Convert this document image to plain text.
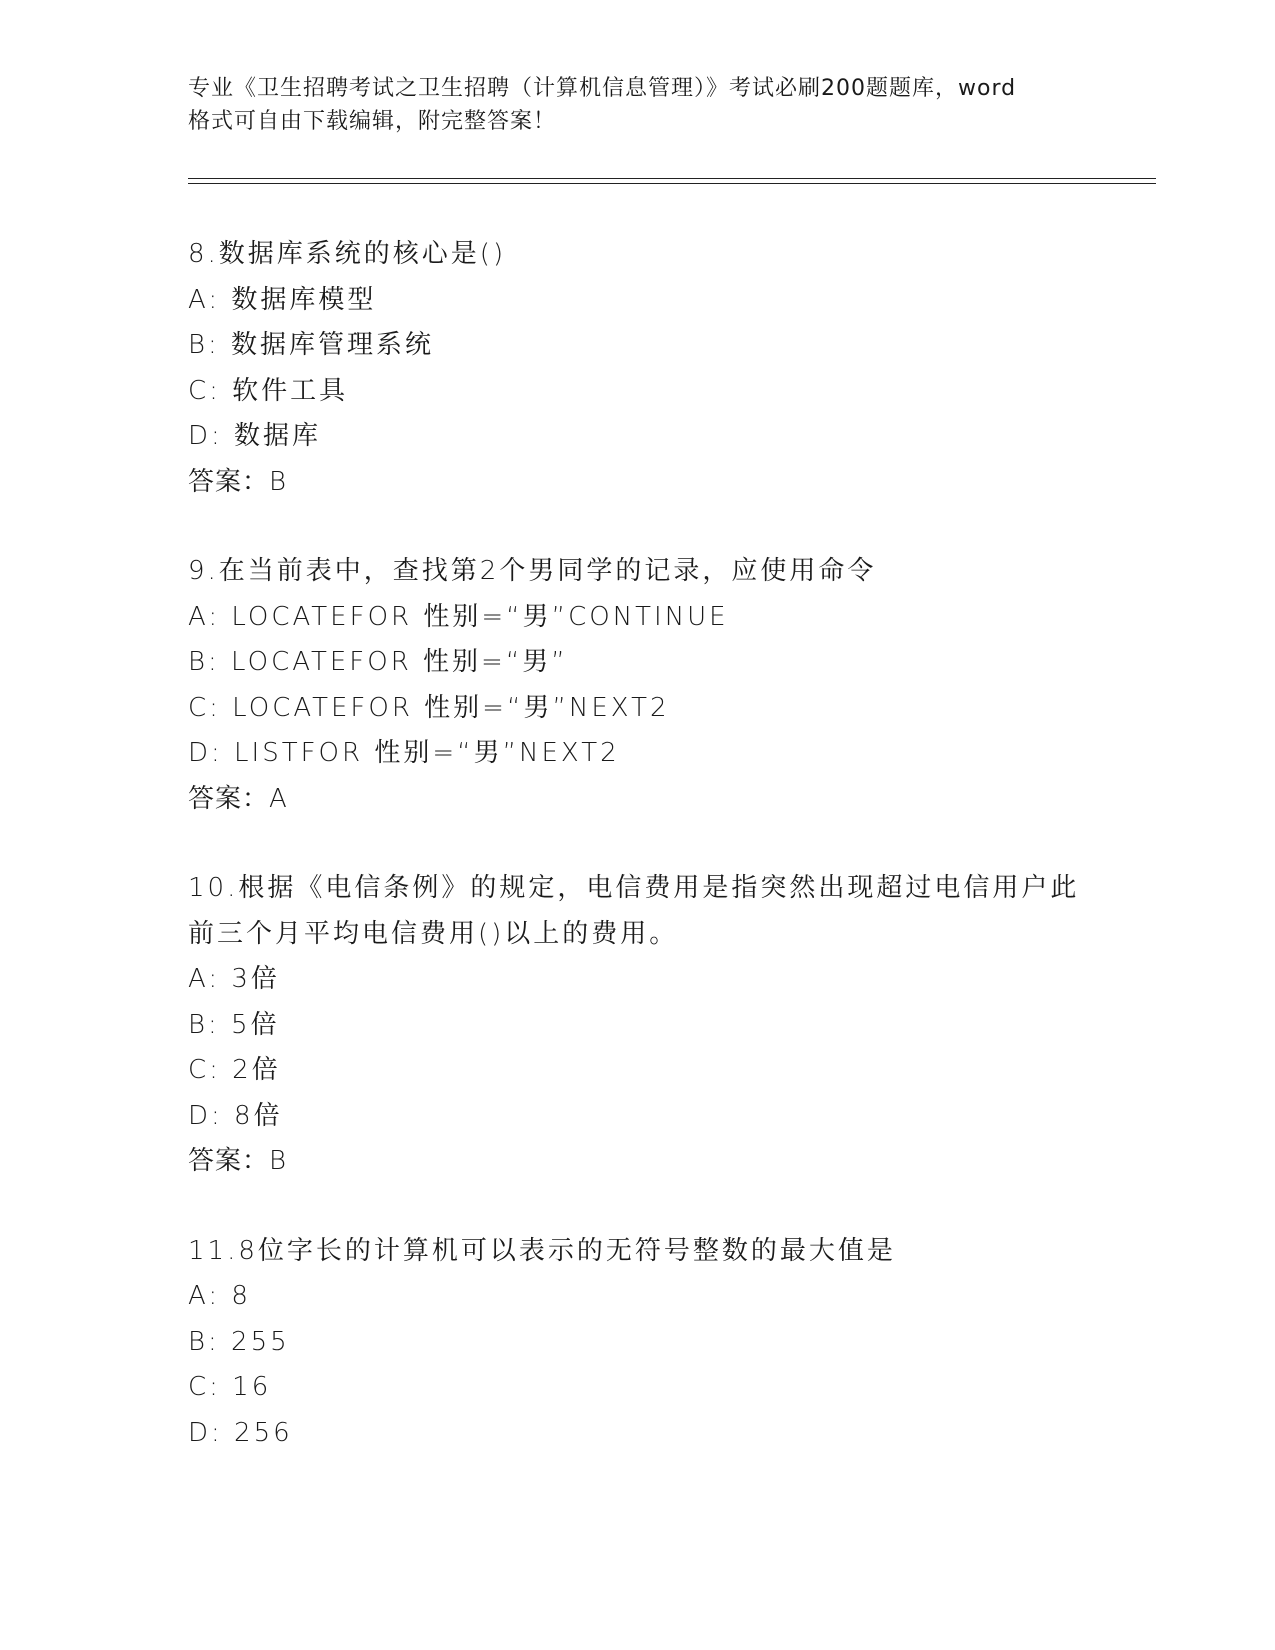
专业《卫生招聘考试之卫生招聘（计算机信息管理）》考试必刷200题题库，word
格式可自由下载编辑，附完整答案！
8.数据库系统的核心是()
A: 数据库模型
B: 数据库管理系统
C: 软件工具
D: 数据库
答案：B
9.在当前表中，查找第2个男同学的记录，应使用命令
A: LOCATEFOR 性别=“男”CONTINUE
B: LOCATEFOR 性别=“男”
C: LOCATEFOR 性别=“男”NEXT2
D: LISTFOR 性别=“男”NEXT2
答案：A
10.根据《电信条例》的规定，电信费用是指突然出现超过电信用户此
前三个月平均电信费用()以上的费用。
A: 3倍
B: 5倍
C: 2倍
D: 8倍
答案：B
11.8位字长的计算机可以表示的无符号整数的最大值是
A: 8
B: 255
C: 16
D: 256
